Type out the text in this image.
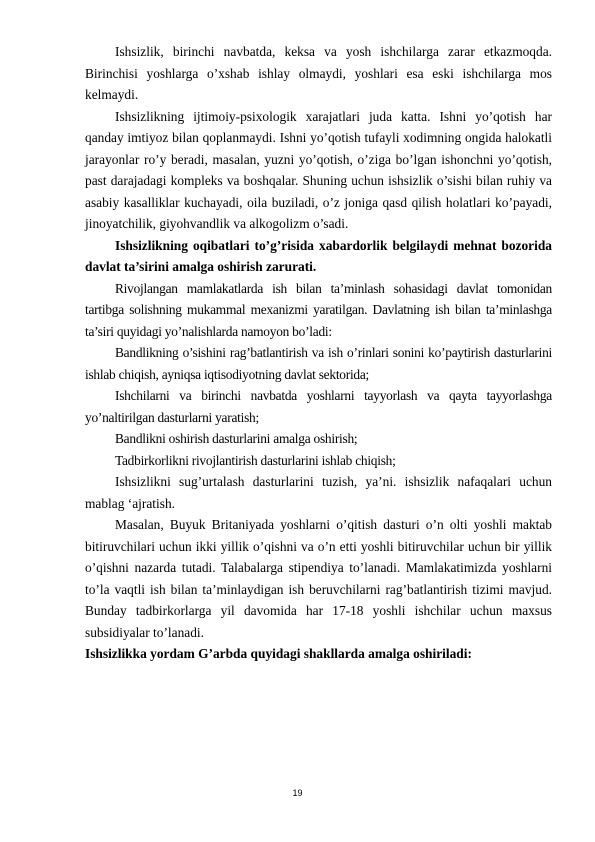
Ishsizlik, birinchi navbatda, keksa va yosh ishchilarga zarar etkazmoqda. Birinchisi yoshlarga o’xshab ishlay olmaydi, yoshlari esa eski ishchilarga mos kelmaydi.

Ishsizlikning ijtimoiy-psixologik xarajatlari juda katta. Ishni yo’qotish har qanday imtiyoz bilan qoplanmaydi. Ishni yo’qotish tufayli xodimning ongida halokatli jarayonlar ro’y beradi, masalan, yuzni yo’qotish, o’ziga bo’lgan ishonchni yo’qotish, past darajadagi kompleks va boshqalar. Shuning uchun ishsizlik o’sishi bilan ruhiy va asabiy kasalliklar kuchayadi, oila buziladi, o’z joniga qasd qilish holatlari ko’payadi, jinoyatchilik, giyohvandlik va alkogolizm o’sadi.

Ishsizlikning oqibatlari to’g’risida xabardorlik belgilaydi mehnat bozorida davlat ta’sirini amalga oshirish zarurati.

Rivojlangan mamlakatlarda ish bilan ta’minlash sohasidagi davlat tomonidan tartibga solishning mukammal mexanizmi yaratilgan. Davlatning ish bilan ta’minlashga ta’siri quyidagi yo’nalishlarda namoyon bo’ladi:

Bandlikning o’sishini rag’batlantirish va ish o’rinlari sonini ko’paytirish dasturlarini ishlab chiqish, ayniqsa iqtisodiyotning davlat sektorida;

Ishchilarni va birinchi navbatda yoshlarni tayyorlash va qayta tayyorlashga yo’naltirilgan dasturlarni yaratish;

Bandlikni oshirish dasturlarini amalga oshirish;

Tadbirkorlikni rivojlantirish dasturlarini ishlab chiqish;

Ishsizlikni sug’urtalash dasturlarini tuzish, ya’ni. ishsizlik nafaqalari uchun mablag ‘ajratish.

Masalan, Buyuk Britaniyada yoshlarni o’qitish dasturi o’n olti yoshli maktab bitiruvchilari uchun ikki yillik o’qishni va o’n etti yoshli bitiruvchilar uchun bir yillik o’qishni nazarda tutadi. Talabalarga stipendiya to’lanadi. Mamlakatimizda yoshlarni to’la vaqtli ish bilan ta’minlaydigan ish beruvchilarni rag’batlantirish tizimi mavjud. Bunday tadbirkorlarga yil davomida har 17-18 yoshli ishchilar uchun maxsus subsidiyalar to’lanadi.

Ishsizlikka yordam G’arbda quyidagi shakllarda amalga oshiriladi:

19
